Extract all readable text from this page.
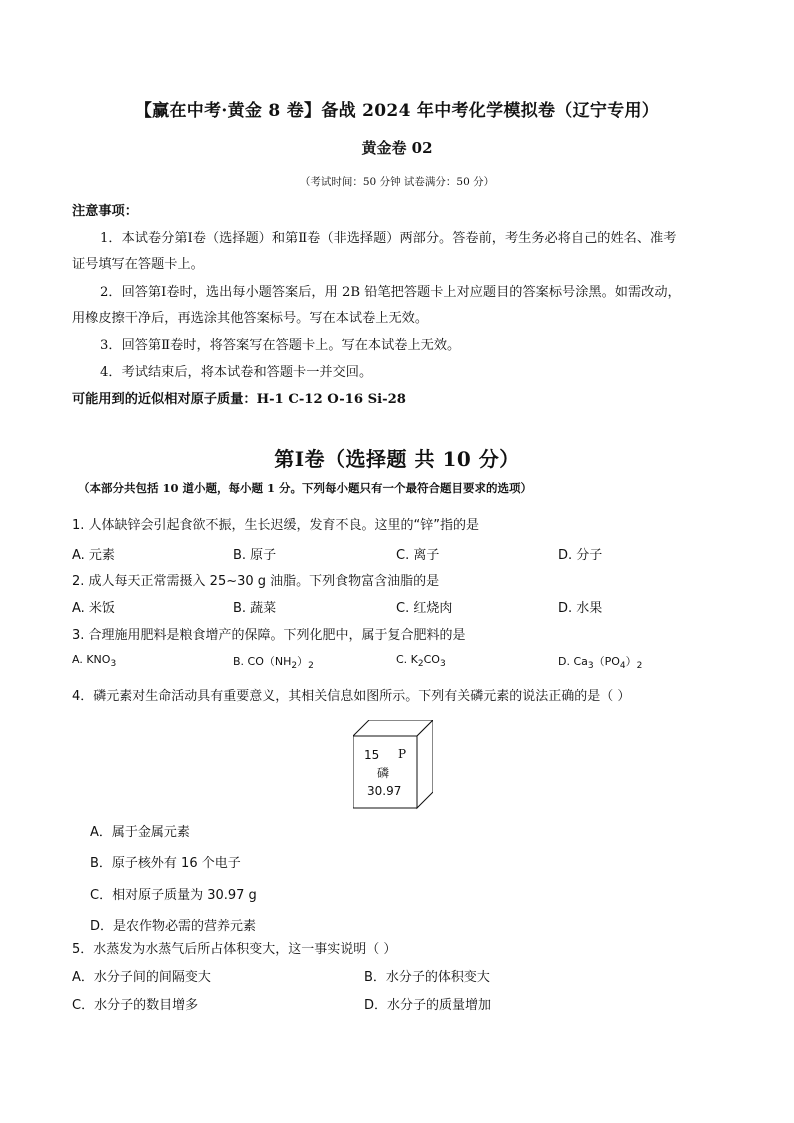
【赢在中考·黄金 8 卷】备战 2024 年中考化学模拟卷（辽宁专用）
黄金卷 02
（考试时间：50 分钟 试卷满分：50 分）
注意事项：
1．本试卷分第Ⅰ卷（选择题）和第Ⅱ卷（非选择题）两部分。答卷前，考生务必将自己的姓名、准考
证号填写在答题卡上。
2．回答第Ⅰ卷时，选出每小题答案后，用 2B 铅笔把答题卡上对应题目的答案标号涂黑。如需改动，
用橡皮擦干净后，再选涂其他答案标号。写在本试卷上无效。
3．回答第Ⅱ卷时，将答案写在答题卡上。写在本试卷上无效。
4．考试结束后，将本试卷和答题卡一并交回。
可能用到的近似相对原子质量：H-1 C-12 O-16 Si-28
第Ⅰ卷（选择题 共 10 分）
（本部分共包括 10 道小题，每小题 1 分。下列每小题只有一个最符合题目要求的选项）
1. 人体缺锌会引起食欲不振，生长迟缓，发育不良。这里的“锌”指的是
A. 元素	B. 原子	C. 离子	D. 分子
2. 成人每天正常需摄入 25~30 g 油脂。下列食物富含油脂的是
A. 米饭	B. 蔬菜	C. 红烧肉	D. 水果
3. 合理施用肥料是粮食增产的保障。下列化肥中，属于复合肥料的是
A. $KNO_3$	B. $CO(NH_2)_2$	C. $K_2CO_3$	D. $Ca_3(PO_4)_2$
4．磷元素对生命活动具有重要意义，其相关信息如图所示。下列有关磷元素的说法正确的是（ ）
15 P
磷
30.97
A．属于金属元素
B．原子核外有 16 个电子
C．相对原子质量为 30.97 g
D．是农作物必需的营养元素
5．水蒸发为水蒸气后所占体积变大，这一事实说明（ ）
A．水分子间的间隔变大	B．水分子的体积变大
C．水分子的数目增多	D．水分子的质量增加
